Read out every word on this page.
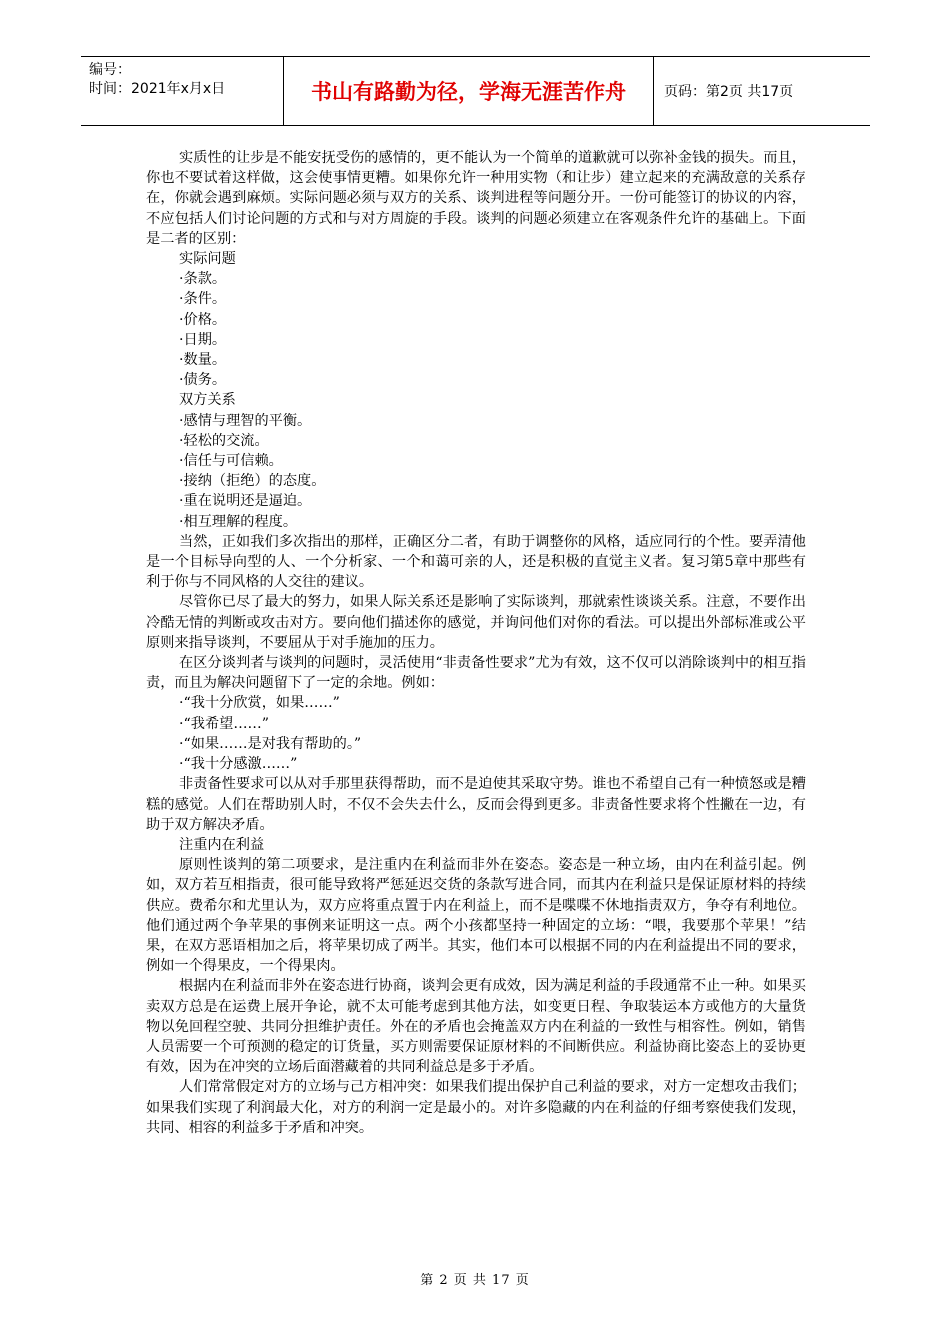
编号：
时间：2021年x月x日	书山有路勤为径，学海无涯苦作舟	页码：第2页 共17页

实质性的让步是不能安抚受伤的感情的，更不能认为一个简单的道歉就可以弥补金钱的损失。而且，你也不要试着这样做，这会使事情更糟。如果你允许一种用实物（和让步）建立起来的充满敌意的关系存在，你就会遇到麻烦。实际问题必须与双方的关系、谈判进程等问题分开。一份可能签订的协议的内容，不应包括人们讨论问题的方式和与对方周旋的手段。谈判的问题必须建立在客观条件允许的基础上。下面是二者的区别：

实际问题

·条款。

·条件。

·价格。

·日期。

·数量。

·债务。

双方关系

·感情与理智的平衡。

·轻松的交流。

·信任与可信赖。

·接纳（拒绝）的态度。

·重在说明还是逼迫。

·相互理解的程度。

当然，正如我们多次指出的那样，正确区分二者，有助于调整你的风格，适应同行的个性。要弄清他是一个目标导向型的人、一个分析家、一个和蔼可亲的人，还是积极的直觉主义者。复习第5章中那些有利于你与不同风格的人交往的建议。

尽管你已尽了最大的努力，如果人际关系还是影响了实际谈判，那就索性谈谈关系。注意，不要作出冷酷无情的判断或攻击对方。要向他们描述你的感觉，并询问他们对你的看法。可以提出外部标准或公平原则来指导谈判，不要屈从于对手施加的压力。

在区分谈判者与谈判的问题时，灵活使用“非责备性要求”尤为有效，这不仅可以消除谈判中的相互指责，而且为解决问题留下了一定的余地。例如：

·“我十分欣赏，如果……”

·“我希望……”

·“如果……是对我有帮助的。”

·“我十分感激……”

非责备性要求可以从对手那里获得帮助，而不是迫使其采取守势。谁也不希望自己有一种愤怒或是糟糕的感觉。人们在帮助别人时，不仅不会失去什么，反而会得到更多。非责备性要求将个性撇在一边，有助于双方解决矛盾。

注重内在利益

原则性谈判的第二项要求，是注重内在利益而非外在姿态。姿态是一种立场，由内在利益引起。例如，双方若互相指责，很可能导致将严惩延迟交货的条款写进合同，而其内在利益只是保证原材料的持续供应。费希尔和尤里认为，双方应将重点置于内在利益上，而不是喋喋不休地指责双方，争夺有利地位。他们通过两个争苹果的事例来证明这一点。两个小孩都坚持一种固定的立场：“喂，我要那个苹果！”结果，在双方恶语相加之后，将苹果切成了两半。其实，他们本可以根据不同的内在利益提出不同的要求，例如一个得果皮，一个得果肉。

根据内在利益而非外在姿态进行协商，谈判会更有成效，因为满足利益的手段通常不止一种。如果买卖双方总是在运费上展开争论，就不太可能考虑到其他方法，如变更日程、争取装运本方或他方的大量货物以免回程空驶、共同分担维护责任。外在的矛盾也会掩盖双方内在利益的一致性与相容性。例如，销售人员需要一个可预测的稳定的订货量，买方则需要保证原材料的不间断供应。利益协商比姿态上的妥协更有效，因为在冲突的立场后面潜藏着的共同利益总是多于矛盾。

人们常常假定对方的立场与己方相冲突：如果我们提出保护自己利益的要求，对方一定想攻击我们；如果我们实现了利润最大化，对方的利润一定是最小的。对许多隐藏的内在利益的仔细考察使我们发现，共同、相容的利益多于矛盾和冲突。

第 2 页 共 17 页
